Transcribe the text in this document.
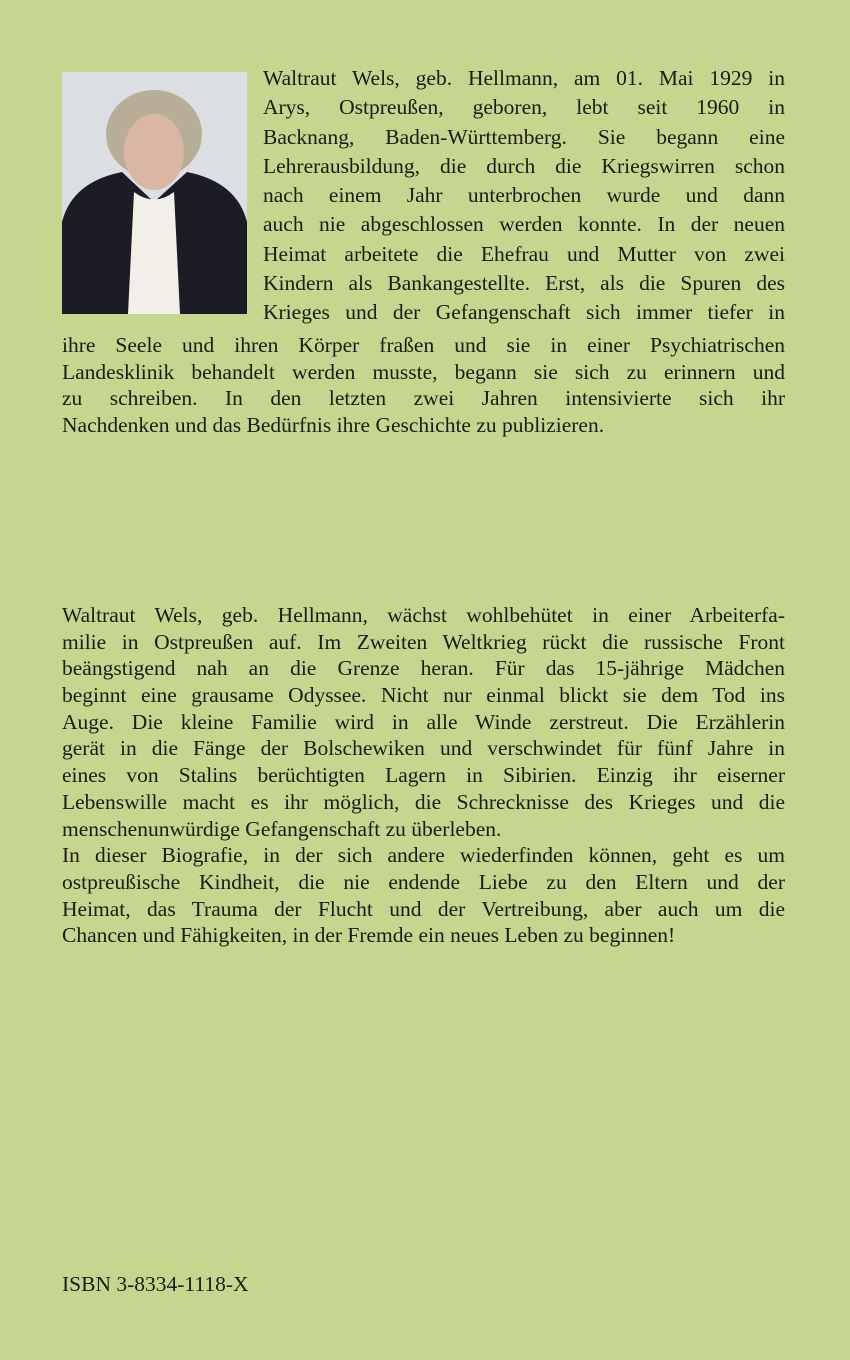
Waltraut Wels, geb. Hellmann, am 01. Mai 1929 in
Arys, Ostpreußen, geboren, lebt seit 1960 in
Backnang, Baden-Württemberg. Sie begann eine
Lehrerausbildung, die durch die Kriegswirren schon
nach einem Jahr unterbrochen wurde und dann
auch nie abgeschlossen werden konnte. In der neuen
Heimat arbeitete die Ehefrau und Mutter von zwei
Kindern als Bankangestellte. Erst, als die Spuren des
Krieges und der Gefangenschaft sich immer tiefer in
ihre Seele und ihren Körper fraßen und sie in einer Psychiatrischen
Landesklinik behandelt werden musste, begann sie sich zu erinnern und
zu schreiben. In den letzten zwei Jahren intensivierte sich ihr
Nachdenken und das Bedürfnis ihre Geschichte zu publizieren.
Waltraut Wels, geb. Hellmann, wächst wohlbehütet in einer Arbeiterfa-
milie in Ostpreußen auf. Im Zweiten Weltkrieg rückt die russische Front
beängstigend nah an die Grenze heran. Für das 15-jährige Mädchen
beginnt eine grausame Odyssee. Nicht nur einmal blickt sie dem Tod ins
Auge. Die kleine Familie wird in alle Winde zerstreut. Die Erzählerin
gerät in die Fänge der Bolschewiken und verschwindet für fünf Jahre in
eines von Stalins berüchtigten Lagern in Sibirien. Einzig ihr eiserner
Lebenswille macht es ihr möglich, die Schrecknisse des Krieges und die
menschenunwürdige Gefangenschaft zu überleben.
In dieser Biografie, in der sich andere wiederfinden können, geht es um
ostpreußische Kindheit, die nie endende Liebe zu den Eltern und der
Heimat, das Trauma der Flucht und der Vertreibung, aber auch um die
Chancen und Fähigkeiten, in der Fremde ein neues Leben zu beginnen!
ISBN 3-8334-1118-X
